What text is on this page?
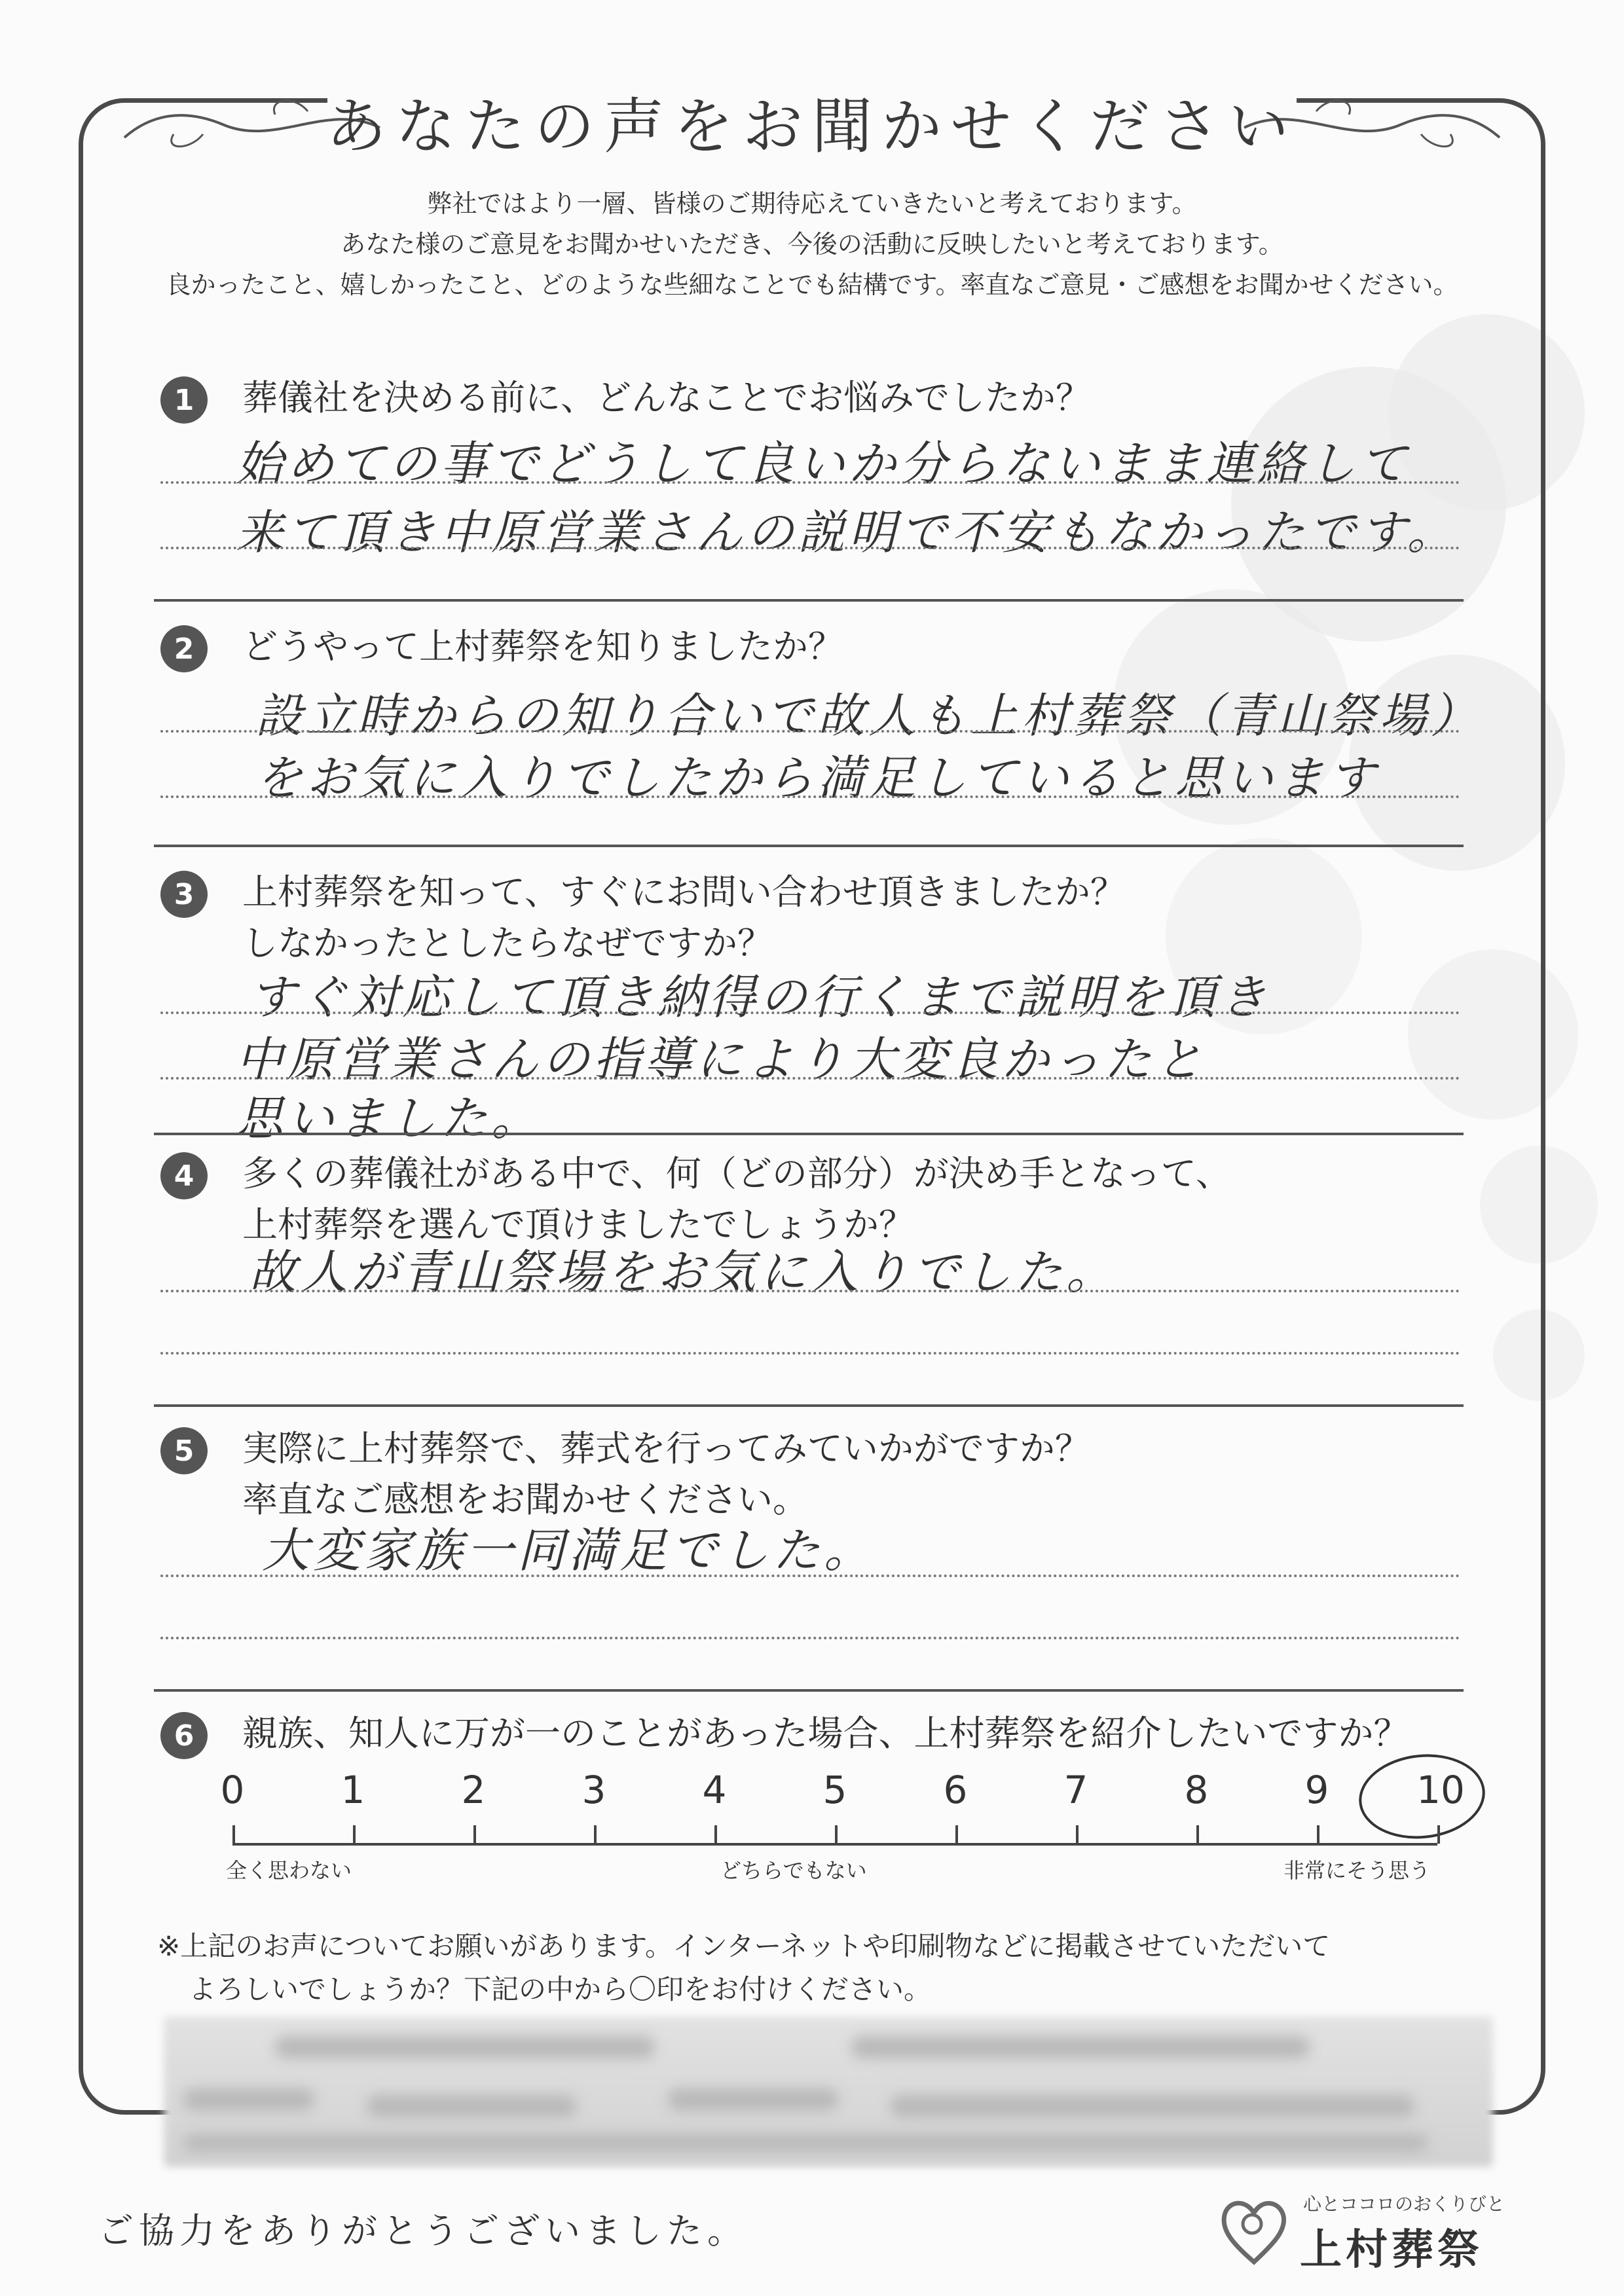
あなたの声をお聞かせください
弊社ではより一層、皆様のご期待応えていきたいと考えております。
あなた様のご意見をお聞かせいただき、今後の活動に反映したいと考えております。
良かったこと、嬉しかったこと、どのような些細なことでも結構です。率直なご意見・ご感想をお聞かせください。
1	葬儀社を決める前に、どんなことでお悩みでしたか？
始めての事でどうして良いか分らないまま連絡して
来て頂き中原営業さんの説明で不安もなかったです。
2	どうやって上村葬祭を知りましたか？
設立時からの知り合いで故人も上村葬祭（青山祭場）
をお気に入りでしたから満足していると思います
3	上村葬祭を知って、すぐにお問い合わせ頂きましたか？
しなかったとしたらなぜですか？
すぐ対応して頂き納得の行くまで説明を頂き
中原営業さんの指導により大変良かったと
思いました。
4	多くの葬儀社がある中で、何（どの部分）が決め手となって、
上村葬祭を選んで頂けましたでしょうか？
故人が青山祭場をお気に入りでした。
5	実際に上村葬祭で、葬式を行ってみていかがですか？
率直なご感想をお聞かせください。
大変家族一同満足でした。
6	親族、知人に万が一のことがあった場合、上村葬祭を紹介したいですか？
0	1	2	3	4	5	6	7	8	9	10
全く思わない	どちらでもない	非常にそう思う
※上記のお声についてお願いがあります。インターネットや印刷物などに掲載させていただいて
よろしいでしょうか？下記の中から〇印をお付けください。
ご協力をありがとうございました。
心とココロのおくりびと
上村葬祭
